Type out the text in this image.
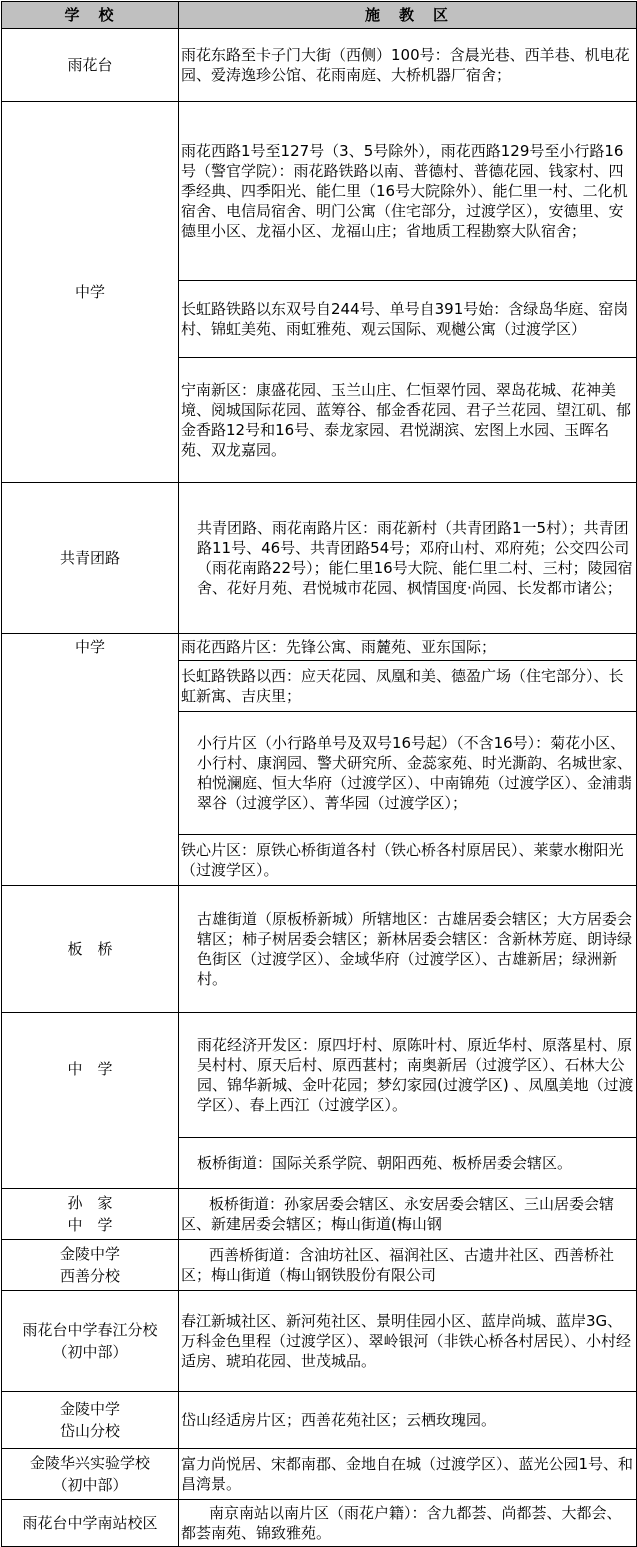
学　校	施　教　区
雨花台	雨花东路至卡子门大街（西侧）100号：含晨光巷、西羊巷、机电花园、爱涛逸珍公馆、花雨南庭、大桥机器厂宿舍；
中学	雨花西路1号至127号（3、5号除外），雨花西路129号至小行路16号（警官学院）：雨花路铁路以南、普德村、普德花园、钱家村、四季经典、四季阳光、能仁里（16号大院除外）、能仁里一村、二化机宿舍、电信局宿舍、明门公寓（住宅部分，过渡学区），安德里、安德里小区、龙福小区、龙福山庄；省地质工程勘察大队宿舍；
	长虹路铁路以东双号自244号、单号自391号始：含绿岛华庭、窑岗村、锦虹美苑、雨虹雅苑、观云国际、观樾公寓（过渡学区）
	宁南新区：康盛花园、玉兰山庄、仁恒翠竹园、翠岛花城、花神美境、阅城国际花园、蓝筹谷、郁金香花园、君子兰花园、望江矶、郁金香路12号和16号、泰龙家园、君悦湖滨、宏图上水园、玉晖名苑、双龙嘉园。
共青团路	共青团路、雨花南路片区：雨花新村（共青团路1一5村）；共青团路11号、46号、共青团路54号；邓府山村、邓府苑；公交四公司（雨花南路22号）；能仁里16号大院、能仁里二村、三村；陵园宿舍、花好月苑、君悦城市花园、枫情国度·尚园、长发都市诸公；
中学	雨花西路片区：先锋公寓、雨麓苑、亚东国际；
	长虹路铁路以西：应天花园、凤凰和美、德盈广场（住宅部分）、长虹新寓、吉庆里；
	小行片区（小行路单号及双号16号起）（不含16号）：菊花小区、小行村、康润园、警犬研究所、金蕊家苑、时光澌韵、名城世家、柏悦澜庭、恒大华府（过渡学区）、中南锦苑（过渡学区）、金浦翡翠谷（过渡学区）、菁华园（过渡学区）；
	铁心片区：原铁心桥街道各村（铁心桥各村原居民）、莱蒙水榭阳光（过渡学区）。
板　桥	古雄街道（原板桥新城）所辖地区：古雄居委会辖区；大方居委会辖区；柿子树居委会辖区；新林居委会辖区：含新林芳庭、朗诗绿色街区（过渡学区）、金域华府（过渡学区）、古雄新居；绿洲新村。
中　学	雨花经济开发区：原四圩村、原陈叶村、原近华村、原落星村、原吴村村、原天后村、原西葚村；南奥新居（过渡学区）、石林大公园、锦华新城、金叶花园；梦幻家园(过渡学区) 、凤凰美地（过渡学区）、春上西江（过渡学区）。
	板桥街道：国际关系学院、朝阳西苑、板桥居委会辖区。

孙　家
中　学	板桥街道：孙家居委会辖区、永安居委会辖区、三山居委会辖区、新建居委会辖区；梅山街道(梅山钢

金陵中学
西善分校	西善桥街道：含油坊社区、福润社区、古遗井社区、西善桥社区；梅山街道（梅山钢铁股份有限公司

雨花台中学春江分校
（初中部）	春江新城社区、新河苑社区、景明佳园小区、蓝岸尚城、蓝岸3G、万科金色里程（过渡学区）、翠岭银河（非铁心桥各村居民）、小村经适房、琥珀花园、世茂城品。

金陵中学
岱山分校	岱山经适房片区；西善花苑社区；云栖玫瑰园。

金陵华兴实验学校
（初中部）	富力尚悦居、宋都南郡、金地自在城（过渡学区）、蓝光公园1号、和昌湾景。
雨花台中学南站校区	南京南站以南片区（雨花户籍）：含九都荟、尚都荟、大都会、都荟南苑、锦致雅苑。
